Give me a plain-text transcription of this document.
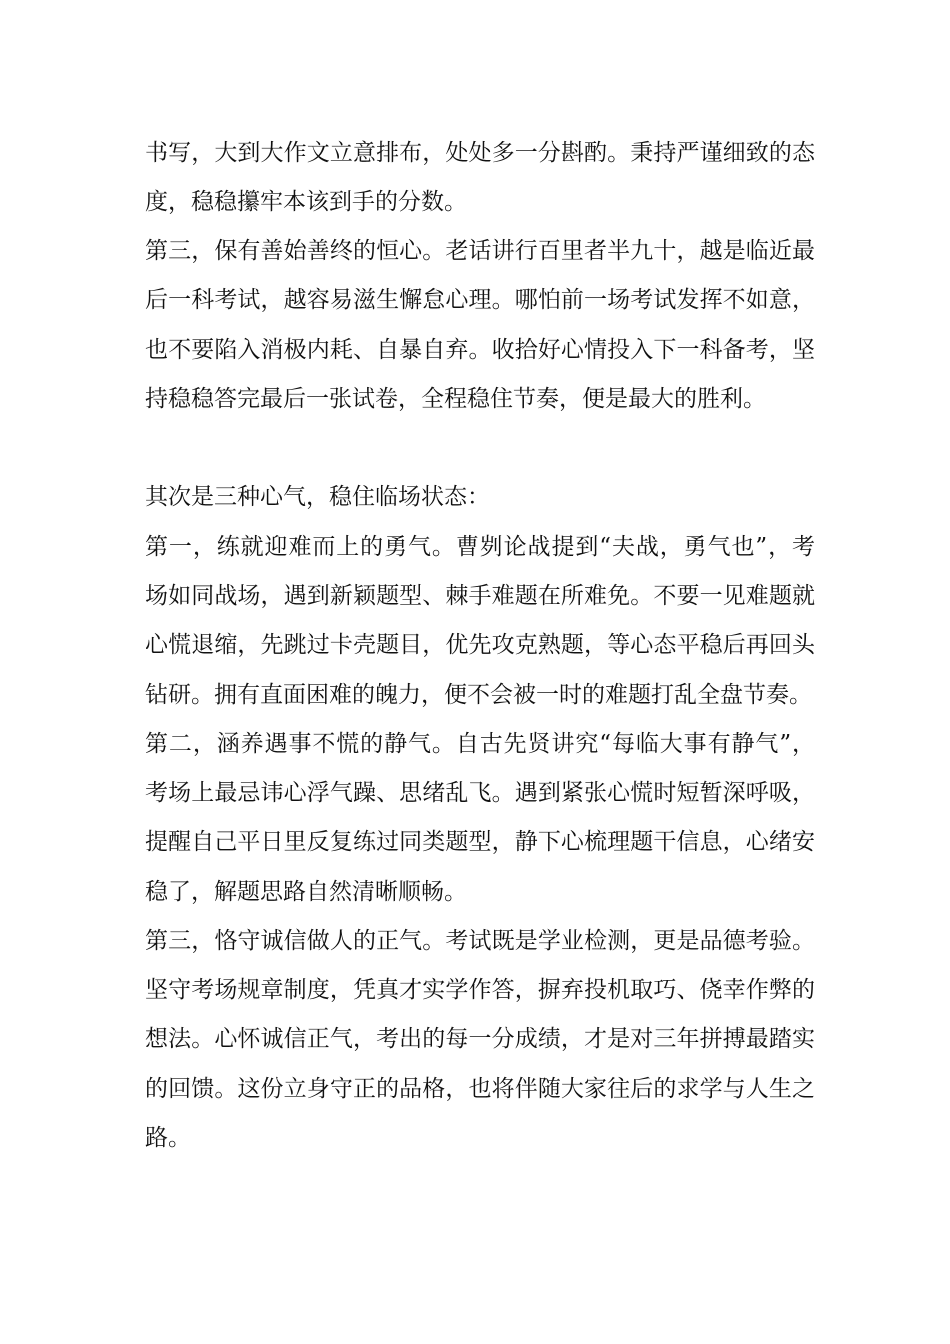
书写，大到大作文立意排布，处处多一分斟酌。秉持严谨细致的态
度，稳稳攥牢本该到手的分数。
第三，保有善始善终的恒心。老话讲行百里者半九十，越是临近最
后一科考试，越容易滋生懈怠心理。哪怕前一场考试发挥不如意，
也不要陷入消极内耗、自暴自弃。收拾好心情投入下一科备考，坚
持稳稳答完最后一张试卷，全程稳住节奏，便是最大的胜利。
其次是三种心气，稳住临场状态：
第一，练就迎难而上的勇气。曹刿论战提到“夫战，勇气也”，考
场如同战场，遇到新颖题型、棘手难题在所难免。不要一见难题就
心慌退缩，先跳过卡壳题目，优先攻克熟题，等心态平稳后再回头
钻研。拥有直面困难的魄力，便不会被一时的难题打乱全盘节奏。
第二，涵养遇事不慌的静气。自古先贤讲究“每临大事有静气”，
考场上最忌讳心浮气躁、思绪乱飞。遇到紧张心慌时短暂深呼吸，
提醒自己平日里反复练过同类题型，静下心梳理题干信息，心绪安
稳了，解题思路自然清晰顺畅。
第三，恪守诚信做人的正气。考试既是学业检测，更是品德考验。
坚守考场规章制度，凭真才实学作答，摒弃投机取巧、侥幸作弊的
想法。心怀诚信正气，考出的每一分成绩，才是对三年拼搏最踏实
的回馈。这份立身守正的品格，也将伴随大家往后的求学与人生之
路。
